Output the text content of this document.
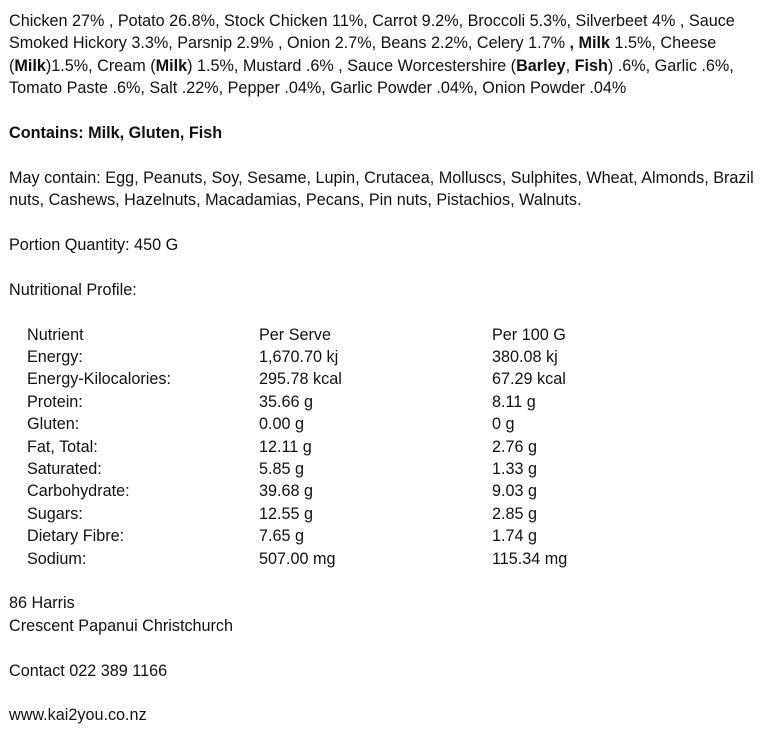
Chicken 27% , Potato 26.8%, Stock Chicken 11%, Carrot 9.2%, Broccoli 5.3%, Silverbeet 4% , Sauce Smoked Hickory 3.3%, Parsnip 2.9% , Onion 2.7%, Beans 2.2%, Celery 1.7% , Milk 1.5%, Cheese (Milk)1.5%, Cream (Milk) 1.5%, Mustard .6% , Sauce Worcestershire (Barley, Fish) .6%, Garlic .6%, Tomato Paste .6%, Salt .22%, Pepper .04%, Garlic Powder .04%, Onion Powder .04%

Contains: Milk, Gluten, Fish

May contain: Egg, Peanuts, Soy, Sesame, Lupin, Crutacea, Molluscs, Sulphites, Wheat, Almonds, Brazil nuts, Cashews, Hazelnuts, Macadamias, Pecans, Pin nuts, Pistachios, Walnuts.

Portion Quantity: 450 G

Nutritional Profile:

Nutrient	Per Serve	Per 100 G
Energy:	1,670.70 kj	380.08 kj
Energy-Kilocalories:	295.78 kcal	67.29 kcal
Protein:	35.66 g	8.11 g
Gluten:	0.00 g	0 g
Fat, Total:	12.11 g	2.76 g
Saturated:	5.85 g	1.33 g
Carbohydrate:	39.68 g	9.03 g
Sugars:	12.55 g	2.85 g
Dietary Fibre:	7.65 g	1.74 g
Sodium:	507.00 mg	115.34 mg

86 Harris

Crescent Papanui Christchurch

Contact 022 389 1166

www.kai2you.co.nz
